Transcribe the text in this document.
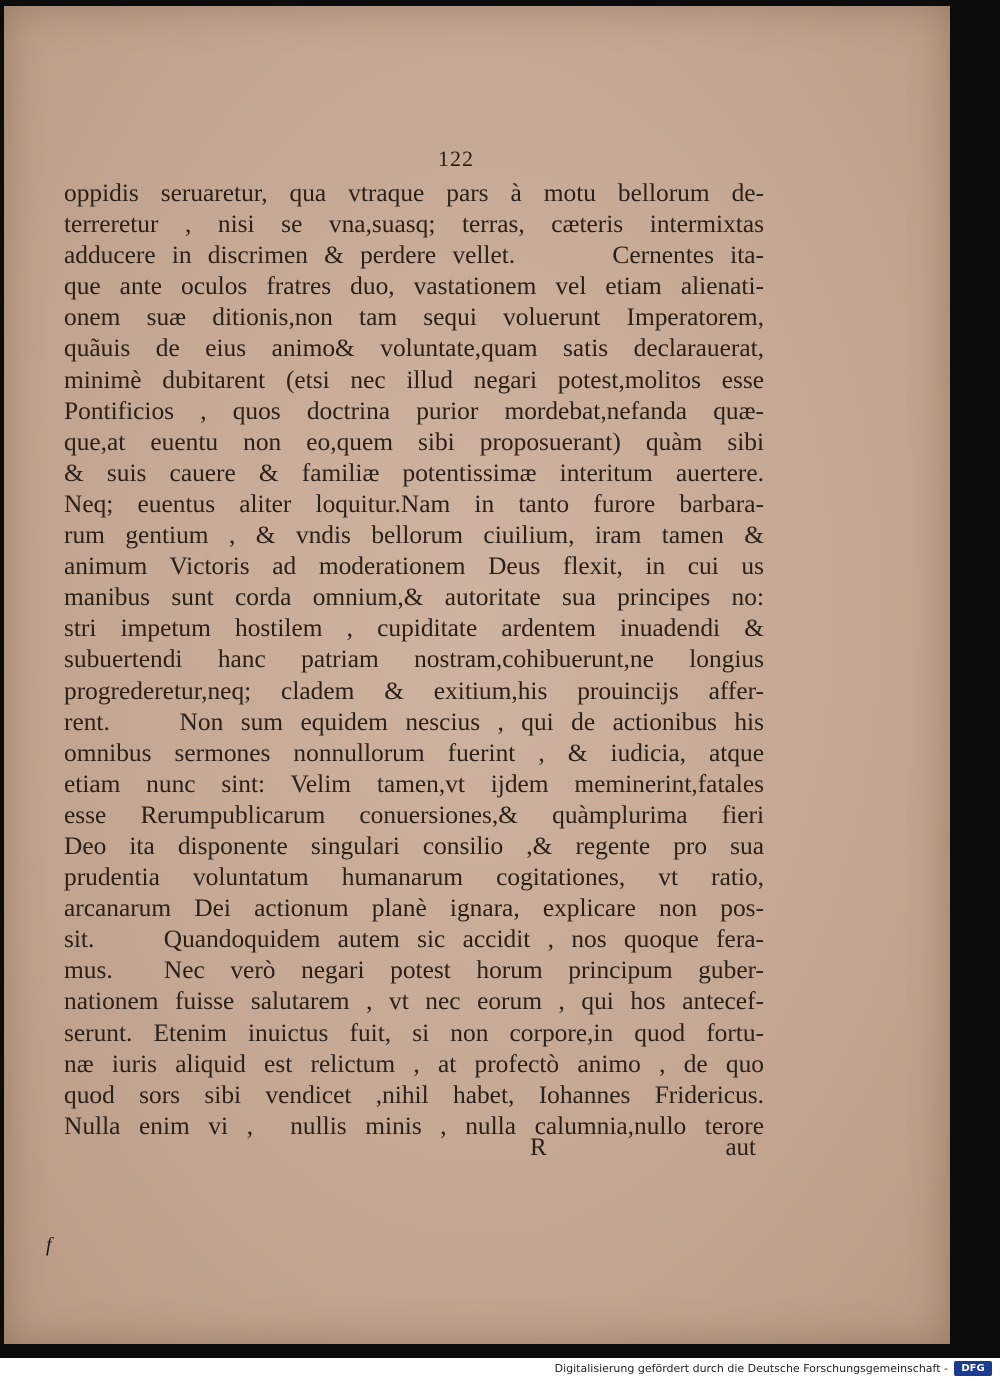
122
oppidis seruaretur, qua vtraque pars à motu bellorum de-
terreretur , nisi se vna,suasq; terras, cæteris intermixtas
adducere in discrimen & perdere vellet.      Cernentes ita-
que ante oculos fratres duo, vastationem vel etiam alienati-
onem suæ ditionis,non tam sequi voluerunt Imperatorem,
quãuis de eius animo& voluntate,quam satis declarauerat,
minimè dubitarent (etsi nec illud negari potest,molitos esse
Pontificios , quos doctrina purior mordebat,nefanda quæ-
que,at euentu non eo,quem sibi proposuerant) quàm sibi
& suis cauere & familiæ potentissimæ interitum auertere.
Neq; euentus aliter loquitur.Nam in tanto furore barbara-
rum gentium , & vndis bellorum ciuilium, iram tamen &
animum Victoris ad moderationem Deus flexit, in cui us
manibus sunt corda omnium,& autoritate sua principes no:
stri impetum hostilem , cupiditate ardentem inuadendi &
subuertendi hanc patriam nostram,cohibuerunt,ne longius
progrederetur,neq; cladem & exitium,his prouincijs affer-
rent.    Non sum equidem nescius , qui de actionibus his
omnibus sermones nonnullorum fuerint , & iudicia, atque
etiam nunc sint: Velim tamen,vt ijdem meminerint,fatales
esse Rerumpublicarum conuersiones,& quàmplurima fieri
Deo ita disponente singulari consilio ,& regente pro sua
prudentia voluntatum humanarum cogitationes, vt ratio,
arcanarum Dei actionum planè ignara, explicare non pos-
sit.    Quandoquidem autem sic accidit , nos quoque fera-
mus.  Nec verò negari potest horum principum guber-
nationem fuisse salutarem , vt nec eorum , qui hos antecef-
serunt. Etenim inuictus fuit, si non corpore,in quod fortu-
næ iuris aliquid est relictum , at profectò animo , de quo
quod sors sibi vendicet ,nihil habet, Iohannes Fridericus.
Nulla enim vi ,  nullis minis , nulla calumnia,nullo terore
R	aut
f
Digitalisierung gefördert durch die Deutsche Forschungsgemeinschaft -	DFG
